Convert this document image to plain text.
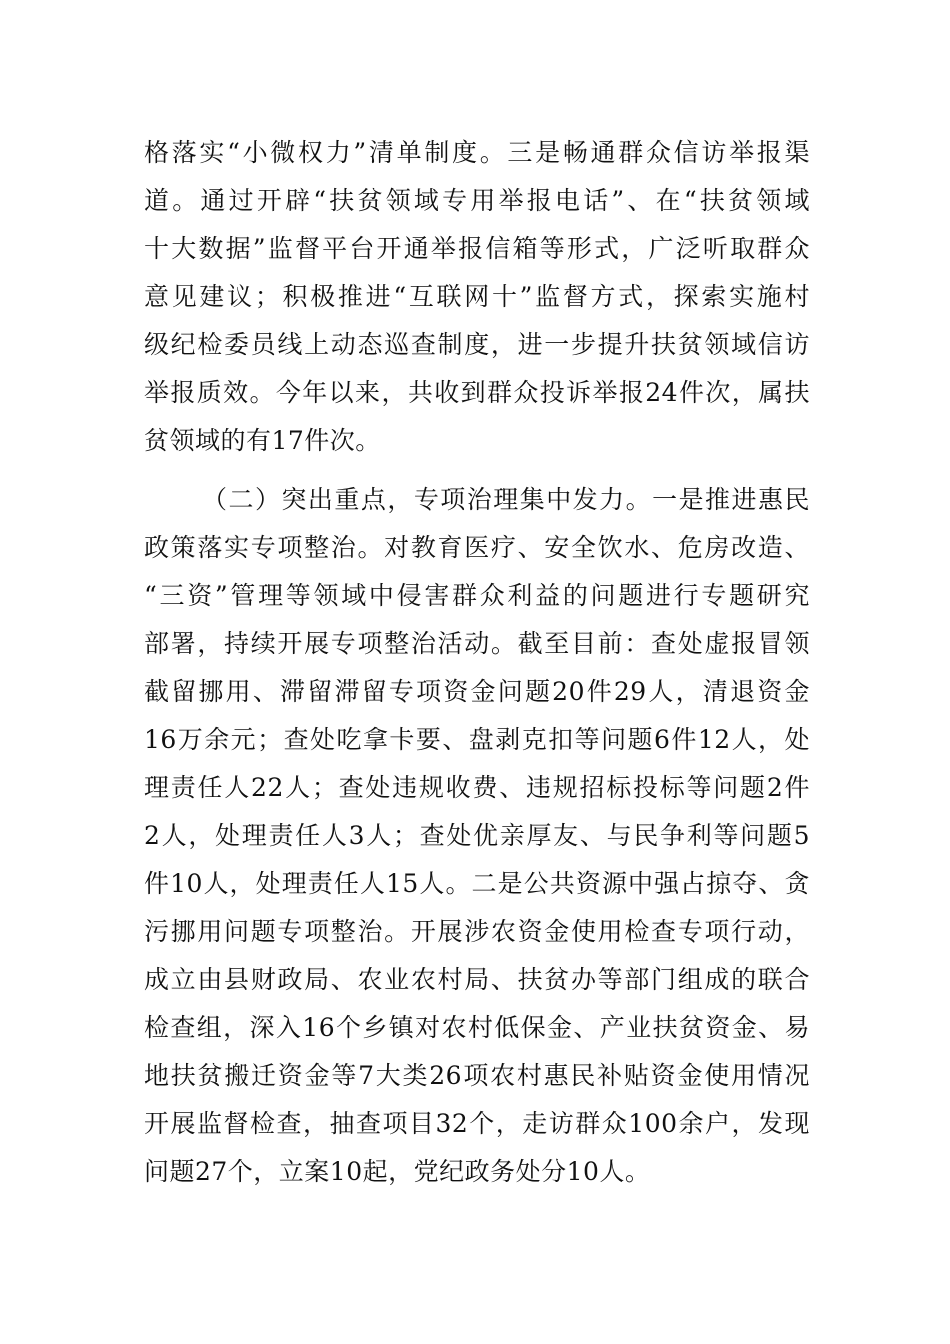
格落实“小微权力”清单制度。三是畅通群众信访举报渠
道。通过开辟“扶贫领域专用举报电话”、在“扶贫领域
十大数据”监督平台开通举报信箱等形式，广泛听取群众
意见建议；积极推进“互联网十”监督方式，探索实施村
级纪检委员线上动态巡查制度，进一步提升扶贫领域信访
举报质效。今年以来，共收到群众投诉举报24件次，属扶
贫领域的有17件次。
（二）突出重点，专项治理集中发力。一是推进惠民
政策落实专项整治。对教育医疗、安全饮水、危房改造、
“三资”管理等领域中侵害群众利益的问题进行专题研究
部署，持续开展专项整治活动。截至目前：查处虚报冒领
截留挪用、滞留滞留专项资金问题20件29人，清退资金
16万余元；查处吃拿卡要、盘剥克扣等问题6件12人，处
理责任人22人；查处违规收费、违规招标投标等问题2件
2人，处理责任人3人；查处优亲厚友、与民争利等问题5
件10人，处理责任人15人。二是公共资源中强占掠夺、贪
污挪用问题专项整治。开展涉农资金使用检查专项行动，
成立由县财政局、农业农村局、扶贫办等部门组成的联合
检查组，深入16个乡镇对农村低保金、产业扶贫资金、易
地扶贫搬迁资金等7大类26项农村惠民补贴资金使用情况
开展监督检查，抽查项目32个，走访群众100余户，发现
问题27个，立案10起，党纪政务处分10人。
